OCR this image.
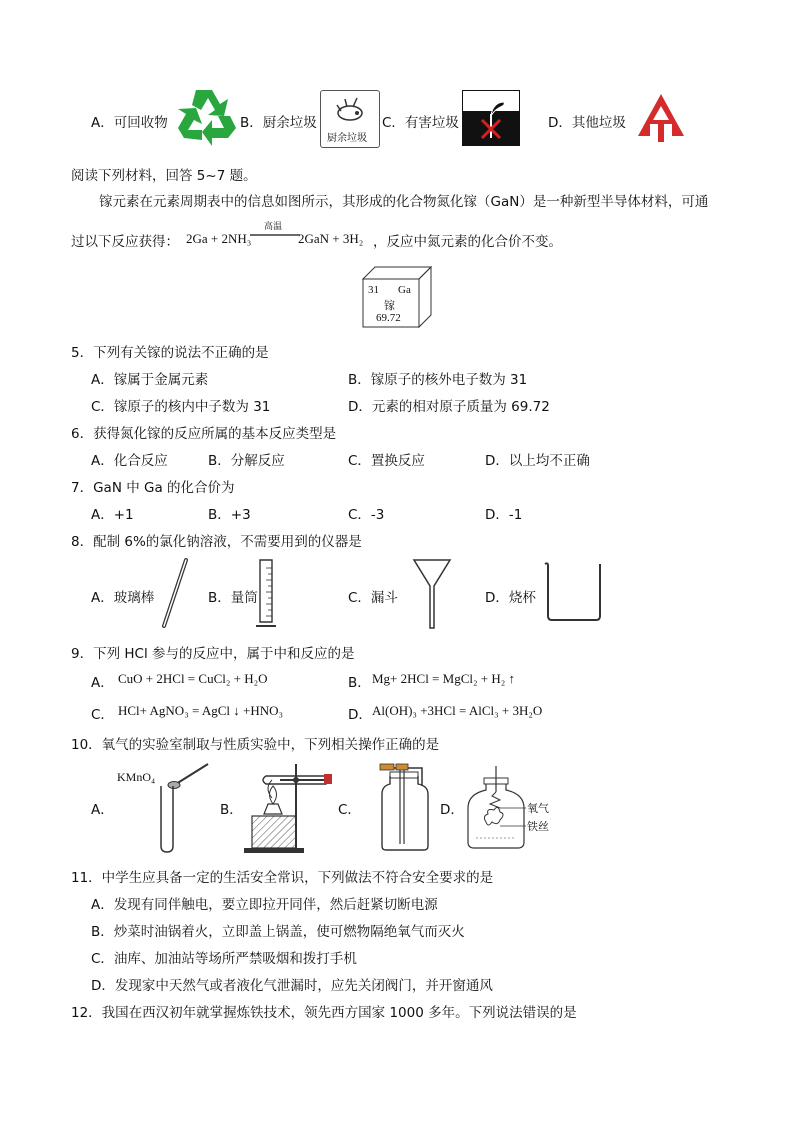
A．可回收物	B．厨余垃圾
厨余垃圾
C．有害垃圾	D．其他垃圾
阅读下列材料，回答 5~7 题。
镓元素在元素周期表中的信息如图所示，其形成的化合物氮化镓（GaN）是一种新型半导体材料，可通
过以下反应获得： 2Ga + 2NH₃
高温
2GaN + 3H₂ ，反应中氮元素的化合价不变。
31 Ga
镓
69.72
5．下列有关镓的说法不正确的是
A．镓属于金属元素	B．镓原子的核外电子数为 31
C．镓原子的核内中子数为 31	D．元素的相对原子质量为 69.72
6．获得氮化镓的反应所属的基本反应类型是
A．化合反应	B．分解反应	C．置换反应	D．以上均不正确
7．GaN 中 Ga 的化合价为
A．+1	B．+3	C．-3	D．-1
8．配制 6%的氯化钠溶液，不需要用到的仪器是
A．玻璃棒	B．量筒	C．漏斗	D．烧杯
9．下列 HCl 参与的反应中，属于中和反应的是
A． CuO + 2HCl = CuCl₂ + H₂O	B． Mg+ 2HCl = MgCl₂ + H₂ ↑
C． HCl+ AgNO₃ = AgCl ↓ +HNO₃	D． Al(OH)₃ +3HCl = AlCl₃ + 3H₂O
10．氧气的实验室制取与性质实验中，下列相关操作正确的是
A．
KMnO₄
B．	C．	D．	氧气
铁丝
11．中学生应具备一定的生活安全常识，下列做法不符合安全要求的是
A．发现有同伴触电，要立即拉开同伴，然后赶紧切断电源
B．炒菜时油锅着火，立即盖上锅盖，使可燃物隔绝氧气而灭火
C．油库、加油站等场所严禁吸烟和拨打手机
D．发现家中天然气或者液化气泄漏时，应先关闭阀门，并开窗通风
12．我国在西汉初年就掌握炼铁技术，领先西方国家 1000 多年。下列说法错误的是
